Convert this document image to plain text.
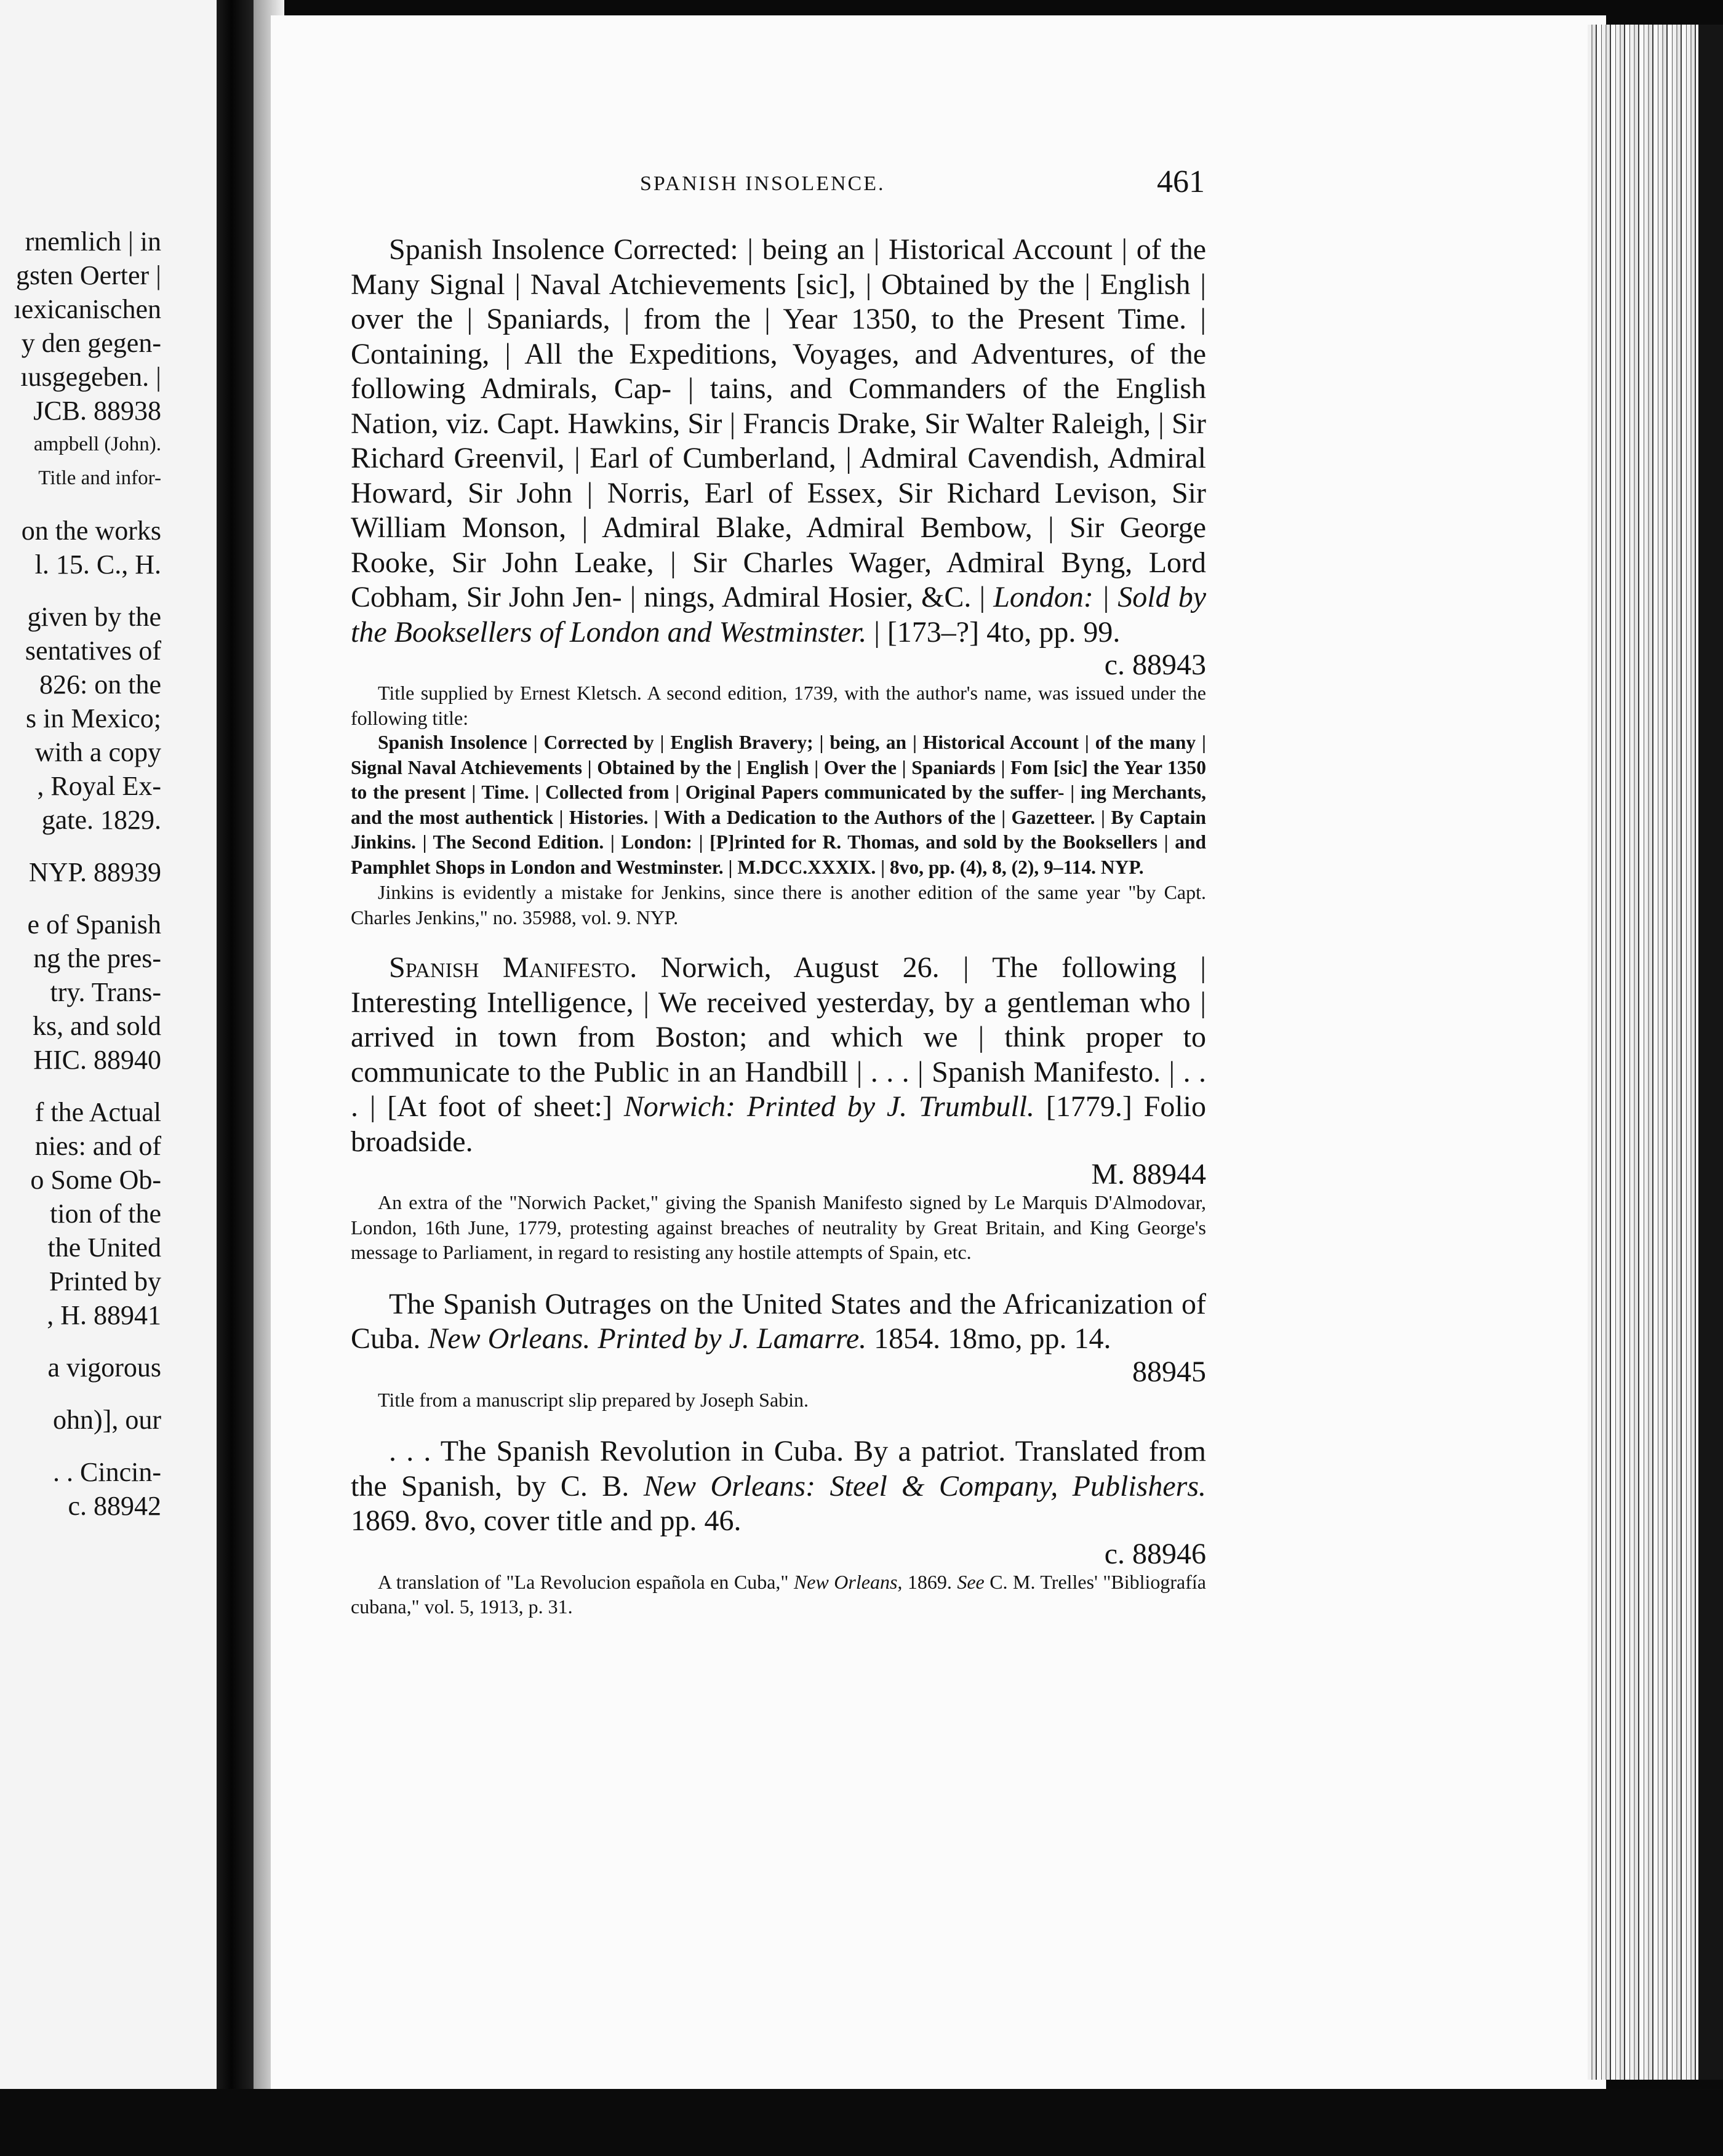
rnemlich | in
gsten Oerter |
ıexicanischen
y den gegen-
ıusgegeben. |
JCB. 88938
ampbell (John).
Title and infor-
on the works
l. 15. C., H.
given by the
sentatives of
826: on the
s in Mexico;
with a copy
, Royal Ex-
gate. 1829.
NYP. 88939
e of Spanish
ng the pres-
try. Trans-
ks, and sold
HIC. 88940
f the Actual
nies: and of
o Some Ob-
tion of the
the United
Printed by
, H. 88941
a vigorous
ohn)], our
. . Cincin-
c. 88942
SPANISH INSOLENCE.	461

Spanish Insolence Corrected: | being an | Historical Account | of the Many Signal | Naval Atchievements [sic], | Obtained by the | English | over the | Spaniards, | from the | Year 1350, to the Present Time. | Containing, | All the Expeditions, Voyages, and Adventures, of the following Admirals, Cap- | tains, and Commanders of the English Nation, viz. Capt. Hawkins, Sir | Francis Drake, Sir Walter Raleigh, | Sir Richard Greenvil, | Earl of Cumberland, | Admiral Cavendish, Admiral Howard, Sir John | Norris, Earl of Essex, Sir Richard Levison, Sir William Monson, | Admiral Blake, Admiral Bembow, | Sir George Rooke, Sir John Leake, | Sir Charles Wager, Admiral Byng, Lord Cobham, Sir John Jen- | nings, Admiral Hosier, &C. | London: | Sold by the Booksellers of London and Westminster. | [173–?] 4to, pp. 99.

c. 88943

Title supplied by Ernest Kletsch. A second edition, 1739, with the author's name, was issued under the following title:

Spanish Insolence | Corrected by | English Bravery; | being, an | Historical Account | of the many | Signal Naval Atchievements | Obtained by the | English | Over the | Spaniards | Fom [sic] the Year 1350 to the present | Time. | Collected from | Original Papers communicated by the suffer- | ing Merchants, and the most authentick | Histories. | With a Dedication to the Authors of the | Gazetteer. | By Captain Jinkins. | The Second Edition. | London: | [P]rinted for R. Thomas, and sold by the Booksellers | and Pamphlet Shops in London and Westminster. | M.DCC.XXXIX. | 8vo, pp. (4), 8, (2), 9–114. NYP.

Jinkins is evidently a mistake for Jenkins, since there is another edition of the same year "by Capt. Charles Jenkins," no. 35988, vol. 9. NYP.

Spanish Manifesto. Norwich, August 26. | The following | Interesting Intelligence, | We received yesterday, by a gentleman who | arrived in town from Boston; and which we | think proper to communicate to the Public in an Handbill | . . . | Spanish Manifesto. | . . . | [At foot of sheet:] Norwich: Printed by J. Trumbull. [1779.] Folio broadside.

M. 88944

An extra of the "Norwich Packet," giving the Spanish Manifesto signed by Le Marquis D'Almodovar, London, 16th June, 1779, protesting against breaches of neutrality by Great Britain, and King George's message to Parliament, in regard to resisting any hostile attempts of Spain, etc.

The Spanish Outrages on the United States and the Africanization of Cuba. New Orleans. Printed by J. Lamarre. 1854. 18mo, pp. 14.

88945

Title from a manuscript slip prepared by Joseph Sabin.

. . . The Spanish Revolution in Cuba. By a patriot. Translated from the Spanish, by C. B. New Orleans: Steel & Company, Publishers. 1869. 8vo, cover title and pp. 46.

c. 88946

A translation of "La Revolucion española en Cuba," New Orleans, 1869. See C. M. Trelles' "Bibliografía cubana," vol. 5, 1913, p. 31.
